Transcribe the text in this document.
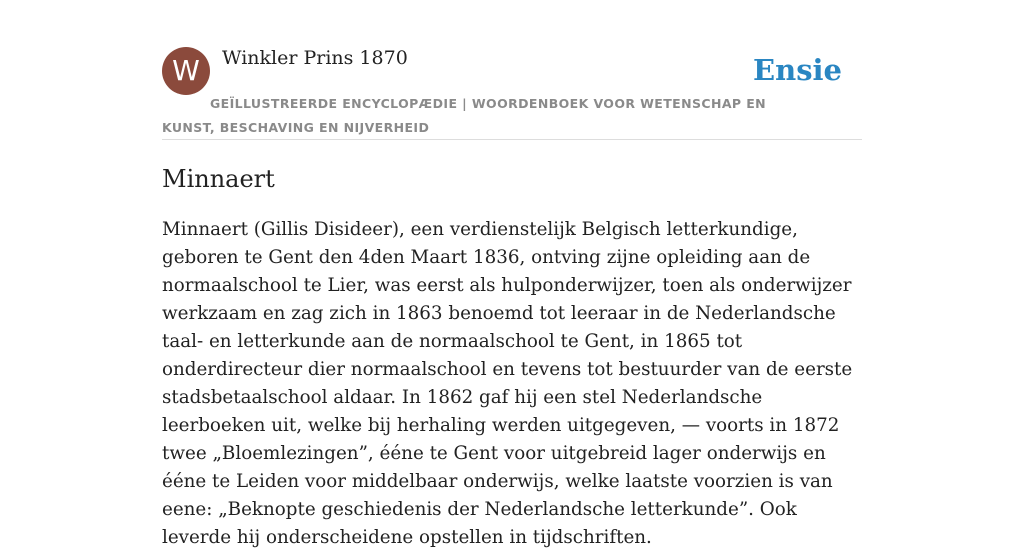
W	Winkler Prins 1870	Ensie
GEÏLLUSTREERDE ENCYCLOPÆDIE | WOORDENBOEK VOOR WETENSCHAP EN KUNST, BESCHAVING EN NIJVERHEID
Minnaert

Minnaert (Gillis Disideer), een verdienstelijk Belgisch letterkundige, geboren te Gent den 4den Maart 1836, ontving zijne opleiding aan de normaalschool te Lier, was eerst als hulponderwijzer, toen als onderwijzer werkzaam en zag zich in 1863 benoemd tot leeraar in de Nederlandsche taal- en letterkunde aan de normaalschool te Gent, in 1865 tot onderdirecteur dier normaalschool en tevens tot bestuurder van de eerste stadsbetaalschool aldaar. In 1862 gaf hij een stel Nederlandsche leerboeken uit, welke bij herhaling werden uitgegeven, — voorts in 1872 twee „Bloemlezingen”, ééne te Gent voor uitgebreid lager onderwijs en ééne te Leiden voor middelbaar onderwijs, welke laatste voorzien is van eene: „Beknopte geschiedenis der Nederlandsche letterkunde”. Ook leverde hij onderscheidene opstellen in tijdschriften.
